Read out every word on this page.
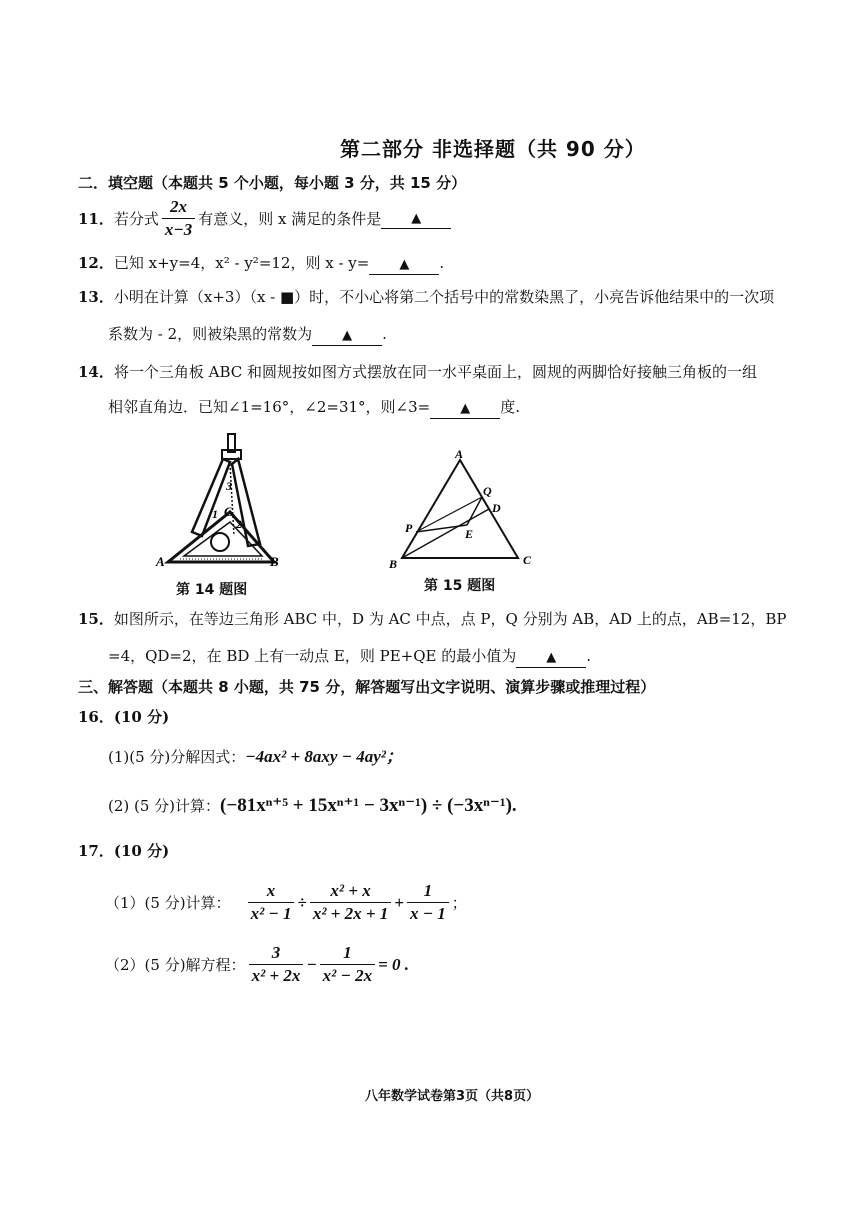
第二部分 非选择题（共 90 分）
二．填空题（本题共 5 个小题，每小题 3 分，共 15 分）
11． 若分式 $\frac{2x}{x-3}$ 有意义，则 x 满足的条件是	▲
12．已知 x+y=4，x² - y²=12，则 x - y= ▲ .
13．小明在计算（x+3）（x - ■）时，不小心将第二个括号中的常数染黑了，小亮告诉他结果中的一次项
系数为 - 2，则被染黑的常数为 ▲ .
14．将一个三角板 ABC 和圆规按如图方式摆放在同一水平桌面上，圆规的两脚恰好接触三角板的一组
相邻直角边．已知∠1=16°，∠2=31°，则∠3= ▲ 度.
A	B
C
1
2
3
第 14 题图
A
B	C
D
E
P
Q
第 15 题图
15．如图所示，在等边三角形 ABC 中，D 为 AC 中点，点 P，Q 分别为 AB，AD 上的点，AB=12，BP
=4，QD=2，在 BD 上有一动点 E，则 PE+QE 的最小值为 ▲ .
三、解答题（本题共 8 小题，共 75 分，解答题写出文字说明、演算步骤或推理过程）
16．(10 分)
(1)(5 分)分解因式：−4ax² + 8axy − 4ay²；
(2) (5 分)计算：(−81xⁿ⁺⁵ + 15xⁿ⁺¹ − 3xⁿ⁻¹) ÷ (−3xⁿ⁻¹).
17．(10 分)
（1）(5 分)计算： $\frac{x}{\text{x² − 1}} \div \frac{\text{x² + x}}{\text{x² + 2x + 1}} + \frac{1}{x - 1}$ ；
（2）(5 分)解方程： $\frac{3}{\text{x² + 2x}} - \frac{1}{\text{x² − 2x}} = 0$ .
八年数学试卷第3页（共8页）
